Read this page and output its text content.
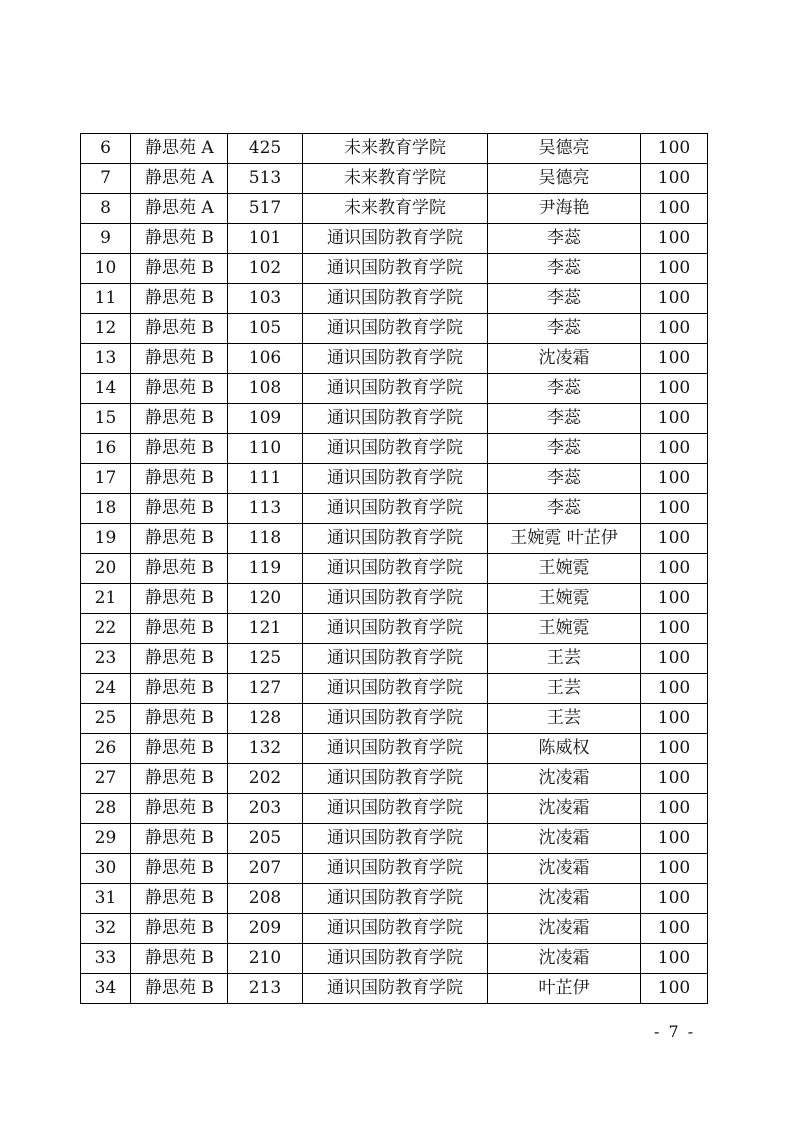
6	静思苑 A	425	未来教育学院	吴德亮	100
7	静思苑 A	513	未来教育学院	吴德亮	100
8	静思苑 A	517	未来教育学院	尹海艳	100
9	静思苑 B	101	通识国防教育学院	李蕊	100
10	静思苑 B	102	通识国防教育学院	李蕊	100
11	静思苑 B	103	通识国防教育学院	李蕊	100
12	静思苑 B	105	通识国防教育学院	李蕊	100
13	静思苑 B	106	通识国防教育学院	沈凌霜	100
14	静思苑 B	108	通识国防教育学院	李蕊	100
15	静思苑 B	109	通识国防教育学院	李蕊	100
16	静思苑 B	110	通识国防教育学院	李蕊	100
17	静思苑 B	111	通识国防教育学院	李蕊	100
18	静思苑 B	113	通识国防教育学院	李蕊	100
19	静思苑 B	118	通识国防教育学院	王婉霓 叶芷伊	100
20	静思苑 B	119	通识国防教育学院	王婉霓	100
21	静思苑 B	120	通识国防教育学院	王婉霓	100
22	静思苑 B	121	通识国防教育学院	王婉霓	100
23	静思苑 B	125	通识国防教育学院	王芸	100
24	静思苑 B	127	通识国防教育学院	王芸	100
25	静思苑 B	128	通识国防教育学院	王芸	100
26	静思苑 B	132	通识国防教育学院	陈威权	100
27	静思苑 B	202	通识国防教育学院	沈凌霜	100
28	静思苑 B	203	通识国防教育学院	沈凌霜	100
29	静思苑 B	205	通识国防教育学院	沈凌霜	100
30	静思苑 B	207	通识国防教育学院	沈凌霜	100
31	静思苑 B	208	通识国防教育学院	沈凌霜	100
32	静思苑 B	209	通识国防教育学院	沈凌霜	100
33	静思苑 B	210	通识国防教育学院	沈凌霜	100
34	静思苑 B	213	通识国防教育学院	叶芷伊	100
- 7 -
